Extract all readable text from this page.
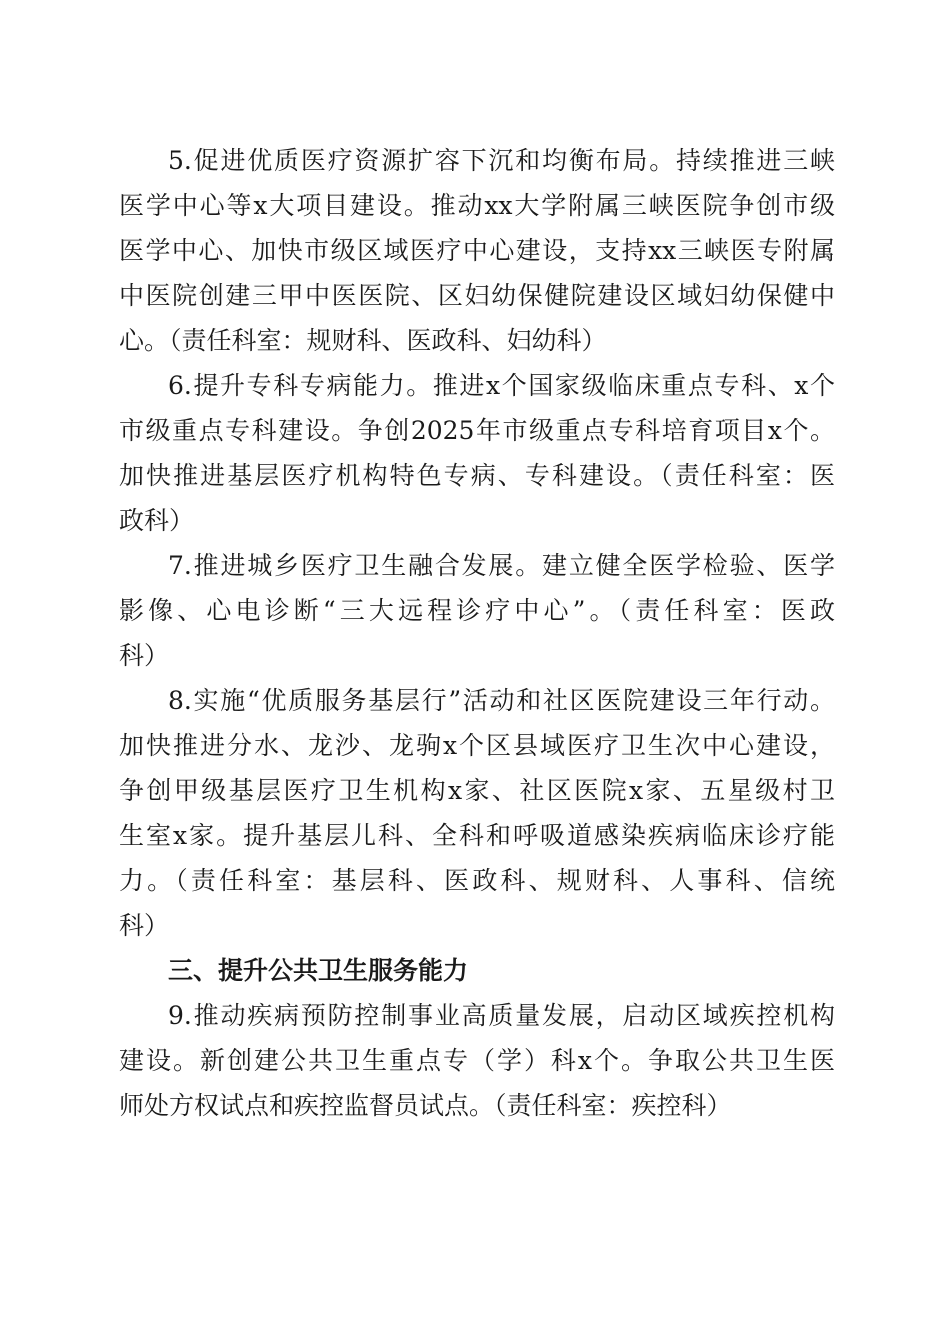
5.促进优质医疗资源扩容下沉和均衡布局。持续推进三峡
医学中心等x大项目建设。推动xx大学附属三峡医院争创市级
医学中心、加快市级区域医疗中心建设，支持xx三峡医专附属
中医院创建三甲中医医院、区妇幼保健院建设区域妇幼保健中
心。（责任科室：规财科、医政科、妇幼科）
6.提升专科专病能力。推进x个国家级临床重点专科、x个
市级重点专科建设。争创2025年市级重点专科培育项目x个。
加快推进基层医疗机构特色专病、专科建设。（责任科室：医
政科）
7.推进城乡医疗卫生融合发展。建立健全医学检验、医学
影像、心电诊断“三大远程诊疗中心”。（责任科室：医政
科）
8.实施“优质服务基层行”活动和社区医院建设三年行动。
加快推进分水、龙沙、龙驹x个区县域医疗卫生次中心建设，
争创甲级基层医疗卫生机构x家、社区医院x家、五星级村卫
生室x家。提升基层儿科、全科和呼吸道感染疾病临床诊疗能
力。（责任科室：基层科、医政科、规财科、人事科、信统
科）
三、提升公共卫生服务能力
9.推动疾病预防控制事业高质量发展，启动区域疾控机构
建设。新创建公共卫生重点专（学）科x个。争取公共卫生医
师处方权试点和疾控监督员试点。（责任科室：疾控科）
